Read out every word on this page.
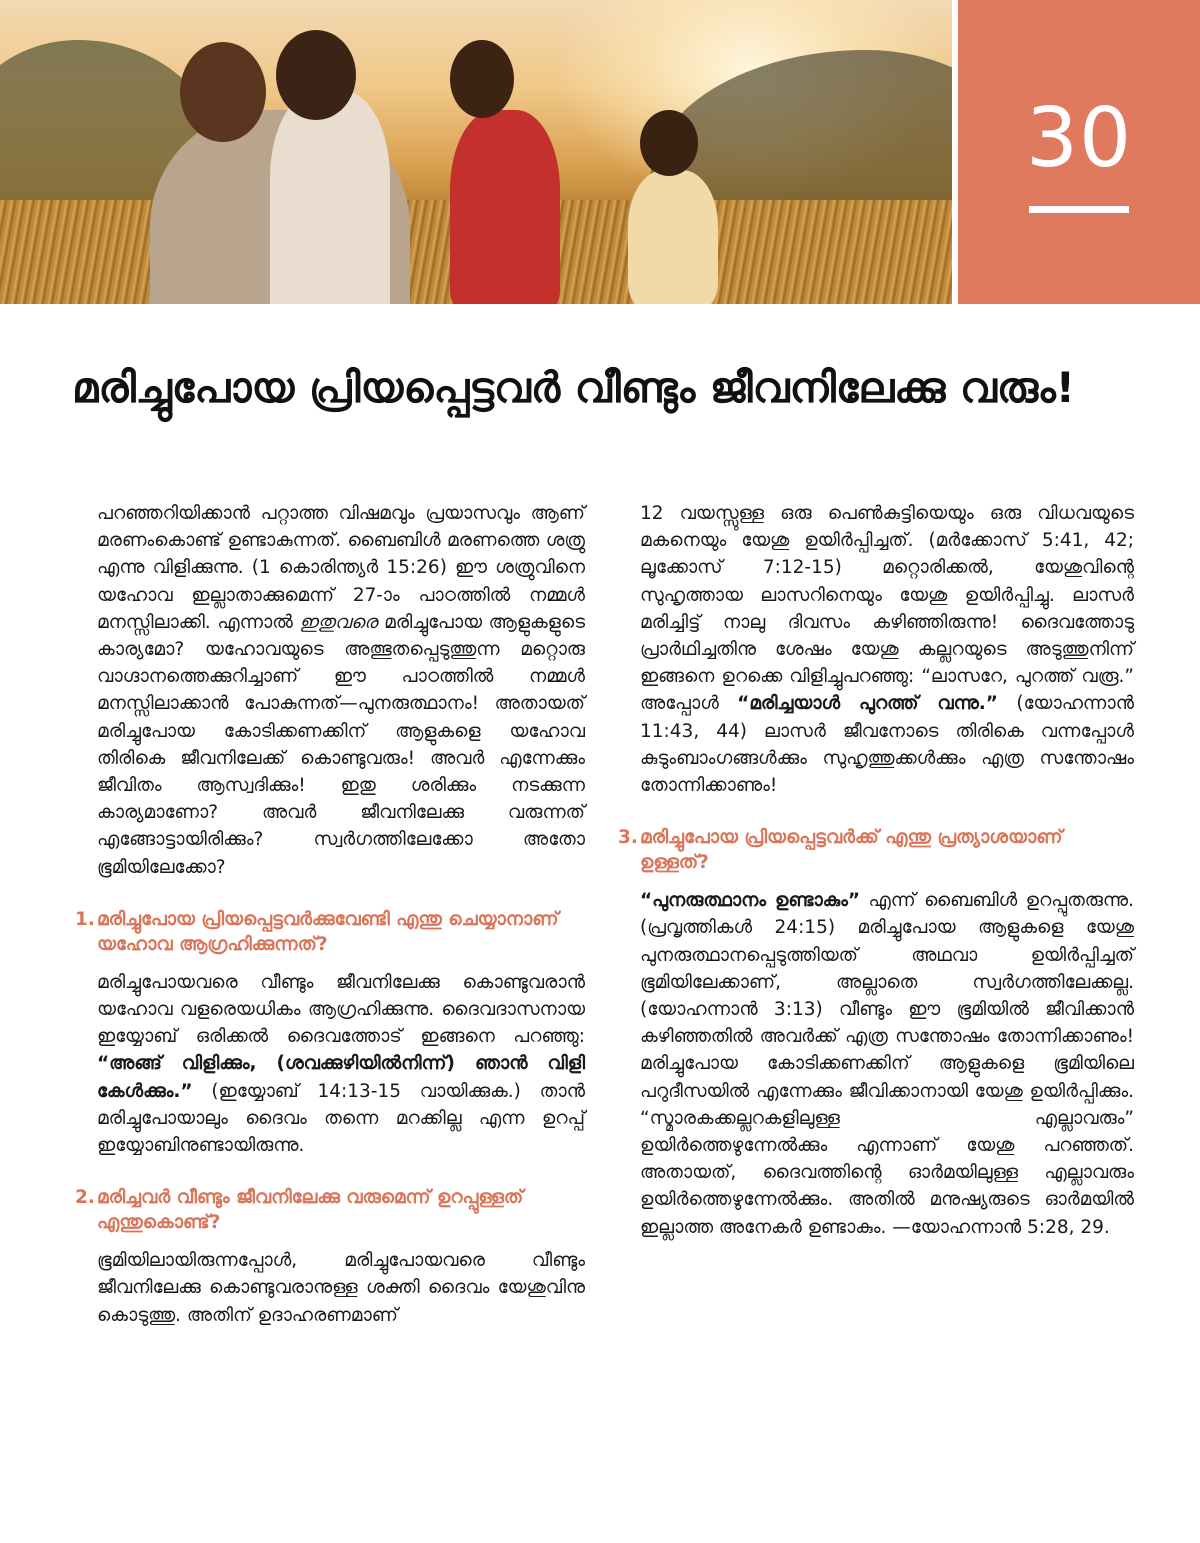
30
മരിച്ചുപോയ പ്രിയപ്പെട്ടവർ വീണ്ടും ജീവനിലേക്കു വരും!

പറഞ്ഞറിയിക്കാൻ പറ്റാത്ത വിഷമവും പ്രയാസവും ആണ് മരണംകൊണ്ട് ഉണ്ടാകുന്നത്. ബൈബിൾ മരണത്തെ ശത്രു എന്നു വിളിക്കുന്നു. (1 കൊരിന്ത്യർ 15:26) ഈ ശത്രുവിനെ യഹോവ ഇല്ലാതാക്കുമെന്ന് 27-ാം പാഠത്തിൽ നമ്മൾ മനസ്സിലാക്കി. എന്നാൽ ഇതുവരെ മരിച്ചുപോയ ആളുകളുടെ കാര്യമോ? യഹോവയുടെ അത്ഭുതപ്പെടുത്തുന്ന മറ്റൊരു വാഗ്ദാനത്തെക്കുറിച്ചാണ് ഈ പാഠത്തിൽ നമ്മൾ മനസ്സിലാക്കാൻ പോകുന്നത്—പുനരുത്ഥാനം! അതായത് മരിച്ചുപോയ കോടിക്കണക്കിന് ആളുകളെ യഹോവ തിരികെ ജീവനിലേക്ക് കൊണ്ടുവരും! അവർ എന്നേക്കും ജീവിതം ആസ്വദിക്കും! ഇതു ശരിക്കും നടക്കുന്ന കാര്യമാണോ? അവർ ജീവനിലേക്കു വരുന്നത് എങ്ങോട്ടായിരിക്കും? സ്വർഗത്തിലേക്കോ അതോ ഭൂമിയിലേക്കോ?

1. മരിച്ചുപോയ പ്രിയപ്പെട്ടവർക്കുവേണ്ടി എന്തു ചെയ്യാനാണ് യഹോവ ആഗ്രഹിക്കുന്നത്?

മരിച്ചുപോയവരെ വീണ്ടും ജീവനിലേക്കു കൊണ്ടുവരാൻ യഹോവ വളരെയധികം ആഗ്രഹിക്കുന്നു. ദൈവദാസനായ ഇയ്യോബ് ഒരിക്കൽ ദൈവത്തോട് ഇങ്ങനെ പറഞ്ഞു: “അങ്ങ് വിളിക്കും, (ശവക്കുഴിയിൽനിന്ന്) ഞാൻ വിളി കേൾക്കും.” (ഇയ്യോബ് 14:13-15 വായിക്കുക.) താൻ മരിച്ചുപോയാലും ദൈവം തന്നെ മറക്കില്ല എന്ന ഉറപ്പ് ഇയ്യോബിനുണ്ടായിരുന്നു.

2. മരിച്ചവർ വീണ്ടും ജീവനിലേക്കു വരുമെന്ന് ഉറപ്പുള്ളത് എന്തുകൊണ്ട്?

ഭൂമിയിലായിരുന്നപ്പോൾ, മരിച്ചുപോയവരെ വീണ്ടും ജീവനിലേക്കു കൊണ്ടുവരാനുള്ള ശക്തി ദൈവം യേശുവിനു കൊടുത്തു. അതിന് ഉദാഹരണമാണ്

12 വയസ്സുള്ള ഒരു പെൺകുട്ടിയെയും ഒരു വിധവയുടെ മകനെയും യേശു ഉയിർപ്പിച്ചത്. (മർക്കോസ് 5:41, 42; ലൂക്കോസ് 7:12-15) മറ്റൊരിക്കൽ, യേശുവിന്റെ സുഹൃത്തായ ലാസറിനെയും യേശു ഉയിർപ്പിച്ചു. ലാസർ മരിച്ചിട്ട് നാലു ദിവസം കഴിഞ്ഞിരുന്നു! ദൈവത്തോടു പ്രാർഥിച്ചതിനു ശേഷം യേശു കല്ലറയുടെ അടുത്തുനിന്ന് ഇങ്ങനെ ഉറക്കെ വിളിച്ചുപറഞ്ഞു: “ലാസറേ, പുറത്ത് വരൂ.” അപ്പോൾ “മരിച്ചയാൾ പുറത്ത് വന്നു.” (യോഹന്നാൻ 11:43, 44) ലാസർ ജീവനോടെ തിരികെ വന്നപ്പോൾ കുടുംബാംഗങ്ങൾക്കും സുഹൃത്തുക്കൾക്കും എത്ര സന്തോഷം തോന്നിക്കാണും!

3. മരിച്ചുപോയ പ്രിയപ്പെട്ടവർക്ക് എന്തു പ്രത്യാശയാണ് ഉള്ളത്?

“പുനരുത്ഥാനം ഉണ്ടാകും” എന്ന് ബൈബിൾ ഉറപ്പുതരുന്നു. (പ്രവൃത്തികൾ 24:15) മരിച്ചുപോയ ആളുകളെ യേശു പുനരുത്ഥാനപ്പെടുത്തിയത് അഥവാ ഉയിർപ്പിച്ചത് ഭൂമിയിലേക്കാണ്, അല്ലാതെ സ്വർഗത്തിലേക്കല്ല. (യോഹന്നാൻ 3:13) വീണ്ടും ഈ ഭൂമിയിൽ ജീവിക്കാൻ കഴിഞ്ഞതിൽ അവർക്ക് എത്ര സന്തോഷം തോന്നിക്കാണും! മരിച്ചുപോയ കോടിക്കണക്കിന് ആളുകളെ ഭൂമിയിലെ പറുദീസയിൽ എന്നേക്കും ജീവിക്കാനായി യേശു ഉയിർപ്പിക്കും. “സ്മാരകക്കല്ലറകളിലുള്ള എല്ലാവരും” ഉയിർത്തെഴുന്നേൽക്കും എന്നാണ് യേശു പറഞ്ഞത്. അതായത്, ദൈവത്തിന്റെ ഓർമയിലുള്ള എല്ലാവരും ഉയിർത്തെഴുന്നേൽക്കും. അതിൽ മനുഷ്യരുടെ ഓർമയിൽ ഇല്ലാത്ത അനേകർ ഉണ്ടാകും. —യോഹന്നാൻ 5:28, 29.
